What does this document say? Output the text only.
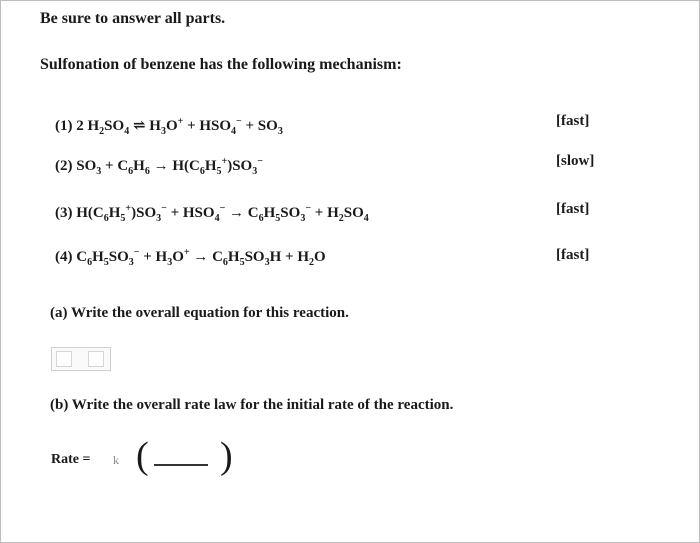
Be sure to answer all parts.
Sulfonation of benzene has the following mechanism:
(1) 2 $H_2SO_4$ ⇌ $H_3O^+ + HSO_4^- + SO_3$
[fast]
(2) $SO_3 + C_6H_6 \to H(C_6H_5^+)SO_3^-$	[slow]
(3) $H(C_6H_5^+)SO_3^- + HSO_4^- \to C_6H_5SO_3^- + H_2SO_4$
[fast]
(4) $C_6H_5SO_3^- + H_3O^+ \to C_6H_5SO_3H + H_2O$	[fast]
(a) Write the overall equation for this reaction.
(b) Write the overall rate law for the initial rate of the reaction.
Rate = k ( )
